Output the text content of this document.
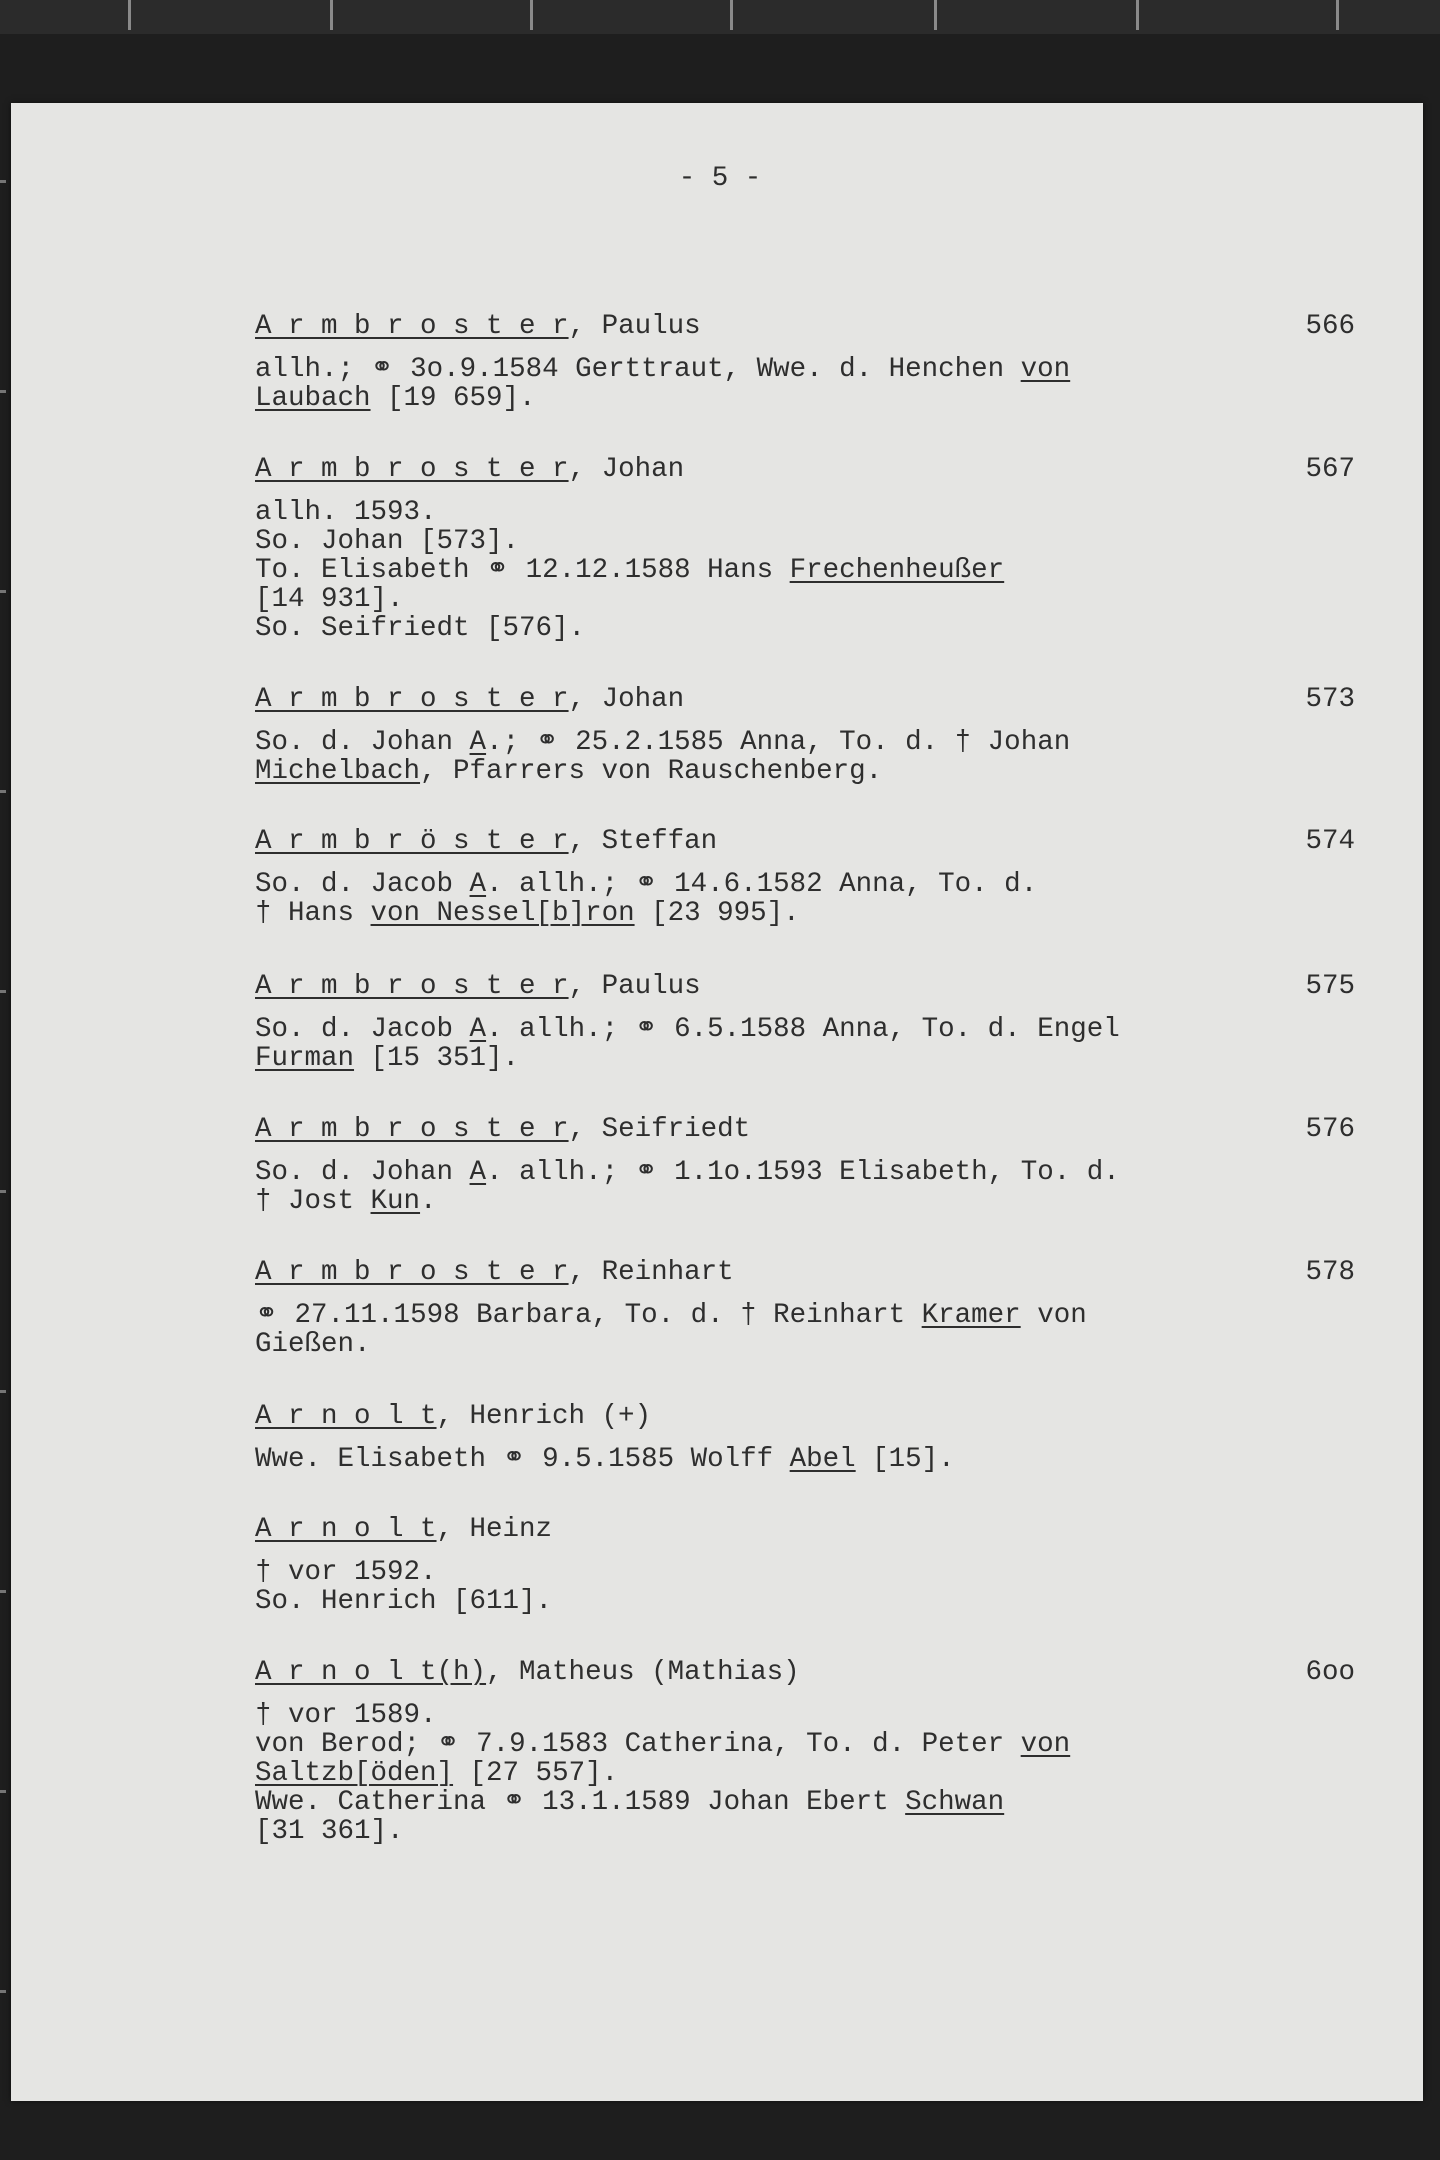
- 5 -
A r m b r o s t e r, Paulus	566
allh.; ⚭ 3o.9.1584 Gerttraut, Wwe. d. Henchen von
Laubach [19 659].
A r m b r o s t e r, Johan	567
allh. 1593.
So. Johan [573].
To. Elisabeth ⚭ 12.12.1588 Hans Frechenheußer
[14 931].
So. Seifriedt [576].
A r m b r o s t e r, Johan	573
So. d. Johan A.; ⚭ 25.2.1585 Anna, To. d. † Johan
Michelbach, Pfarrers von Rauschenberg.
A r m b r ö s t e r, Steffan	574
So. d. Jacob A. allh.; ⚭ 14.6.1582 Anna, To. d.
† Hans von Nessel[b]ron [23 995].
A r m b r o s t e r, Paulus	575
So. d. Jacob A. allh.; ⚭ 6.5.1588 Anna, To. d. Engel
Furman [15 351].
A r m b r o s t e r, Seifriedt	576
So. d. Johan A. allh.; ⚭ 1.1o.1593 Elisabeth, To. d.
† Jost Kun.
A r m b r o s t e r, Reinhart	578
⚭ 27.11.1598 Barbara, To. d. † Reinhart Kramer von
Gießen.
A r n o l t, Henrich (+)
Wwe. Elisabeth ⚭ 9.5.1585 Wolff Abel [15].
A r n o l t, Heinz
† vor 1592.
So. Henrich [611].
A r n o l t(h), Matheus (Mathias)	6oo
† vor 1589.
von Berod; ⚭ 7.9.1583 Catherina, To. d. Peter von
Saltzb[öden] [27 557].
Wwe. Catherina ⚭ 13.1.1589 Johan Ebert Schwan
[31 361].
